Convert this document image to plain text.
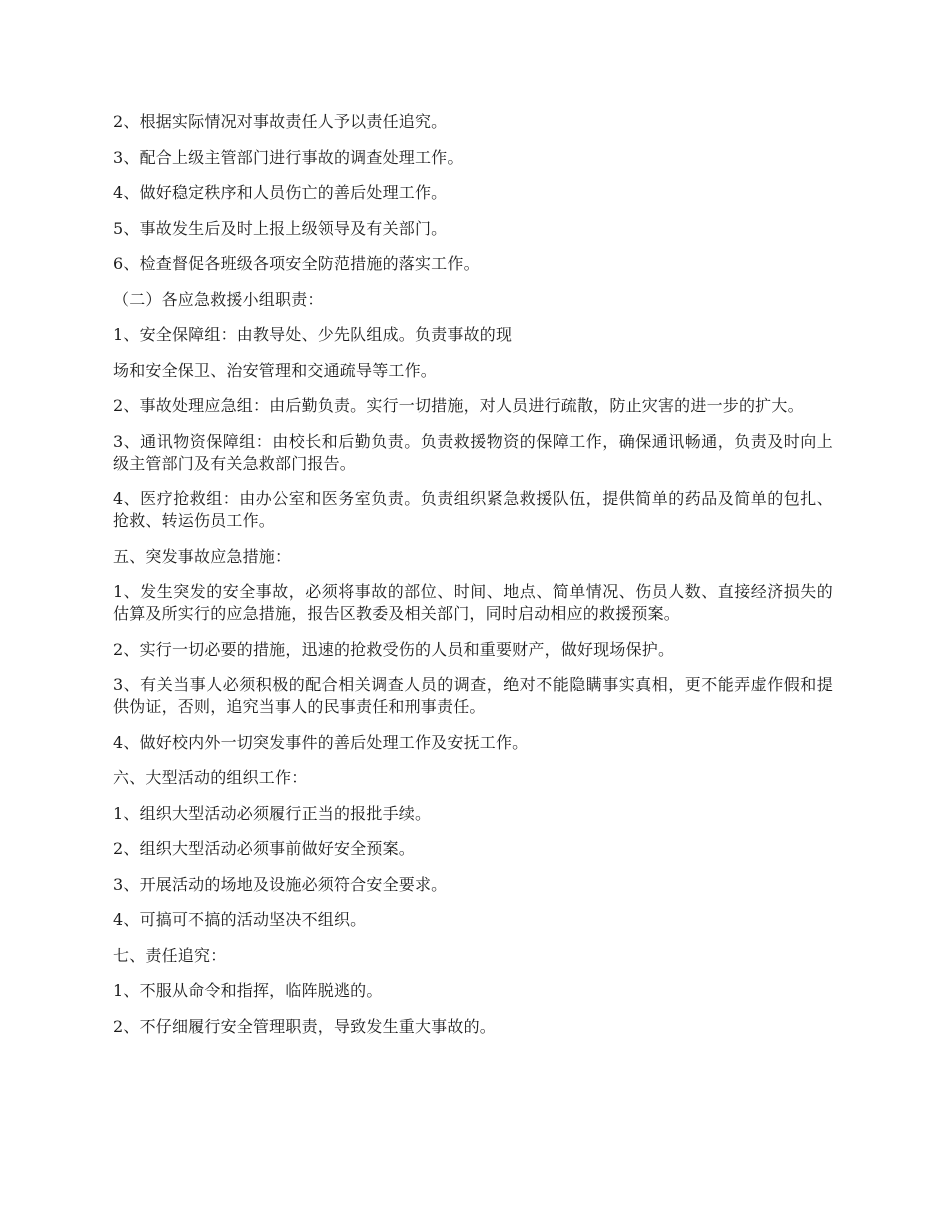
2、根据实际情况对事故责任人予以责任追究。

3、配合上级主管部门进行事故的调查处理工作。

4、做好稳定秩序和人员伤亡的善后处理工作。

5、事故发生后及时上报上级领导及有关部门。

6、检查督促各班级各项安全防范措施的落实工作。

（二）各应急救援小组职责：

1、安全保障组：由教导处、少先队组成。负责事故的现

场和安全保卫、治安管理和交通疏导等工作。

2、事故处理应急组：由后勤负责。实行一切措施，对人员进行疏散，防止灾害的进一步的扩大。

3、通讯物资保障组：由校长和后勤负责。负责救援物资的保障工作，确保通讯畅通，负责及时向上级主管部门及有关急救部门报告。

4、医疗抢救组：由办公室和医务室负责。负责组织紧急救援队伍，提供简单的药品及简单的包扎、抢救、转运伤员工作。

五、突发事故应急措施：

1、发生突发的安全事故，必须将事故的部位、时间、地点、简单情况、伤员人数、直接经济损失的估算及所实行的应急措施，报告区教委及相关部门，同时启动相应的救援预案。

2、实行一切必要的措施，迅速的抢救受伤的人员和重要财产，做好现场保护。

3、有关当事人必须积极的配合相关调查人员的调查，绝对不能隐瞒事实真相，更不能弄虚作假和提供伪证，否则，追究当事人的民事责任和刑事责任。

4、做好校内外一切突发事件的善后处理工作及安抚工作。

六、大型活动的组织工作：

1、组织大型活动必须履行正当的报批手续。

2、组织大型活动必须事前做好安全预案。

3、开展活动的场地及设施必须符合安全要求。

4、可搞可不搞的活动坚决不组织。

七、责任追究：

1、不服从命令和指挥，临阵脱逃的。

2、不仔细履行安全管理职责，导致发生重大事故的。
